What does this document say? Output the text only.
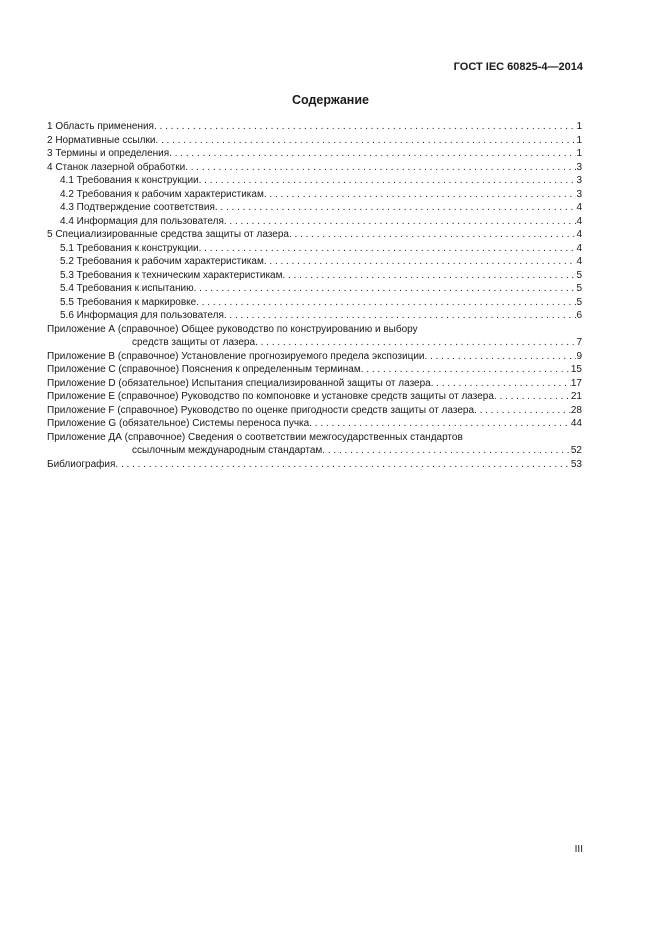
ГОСТ IEC 60825-4—2014
Содержание
1 Область применения . . .	1
2 Нормативные ссылки . . .	1
3 Термины и определения . . .	1
4 Станок лазерной обработки . . .	3
4.1 Требования к конструкции . . .	3
4.2 Требования к рабочим характеристикам . . .	3
4.3 Подтверждение соответствия . . .	4
4.4 Информация для пользователя . . .	4
5 Специализированные средства защиты от лазера . . .	4
5.1 Требования к конструкции . . .	4
5.2 Требования к рабочим характеристикам . . .	4
5.3 Требования к техническим характеристикам . . .	5
5.4 Требования к испытанию . . .	5
5.5 Требования к маркировке . . .	5
5.6 Информация для пользователя . . .	6
Приложение А (справочное) Общее руководство по конструированию и выбору
средств защиты от лазера . . .	7
Приложение В (справочное) Установление прогнозируемого предела экспозиции . . .	9
Приложение С (справочное) Пояснения к определенным терминам . . .	15
Приложение D (обязательное) Испытания специализированной защиты от лазера . . .	17
Приложение Е (справочное) Руководство по компоновке и установке средств защиты от лазера . . .	21
Приложение F (справочное) Руководство по оценке пригодности средств защиты от лазера . . .	28
Приложение G (обязательное) Системы переноса пучка . . .	44
Приложение ДА (справочное) Сведения о соответствии межгосударственных стандартов
ссылочным международным стандартам . . .	52
Библиография . . .	53
III
